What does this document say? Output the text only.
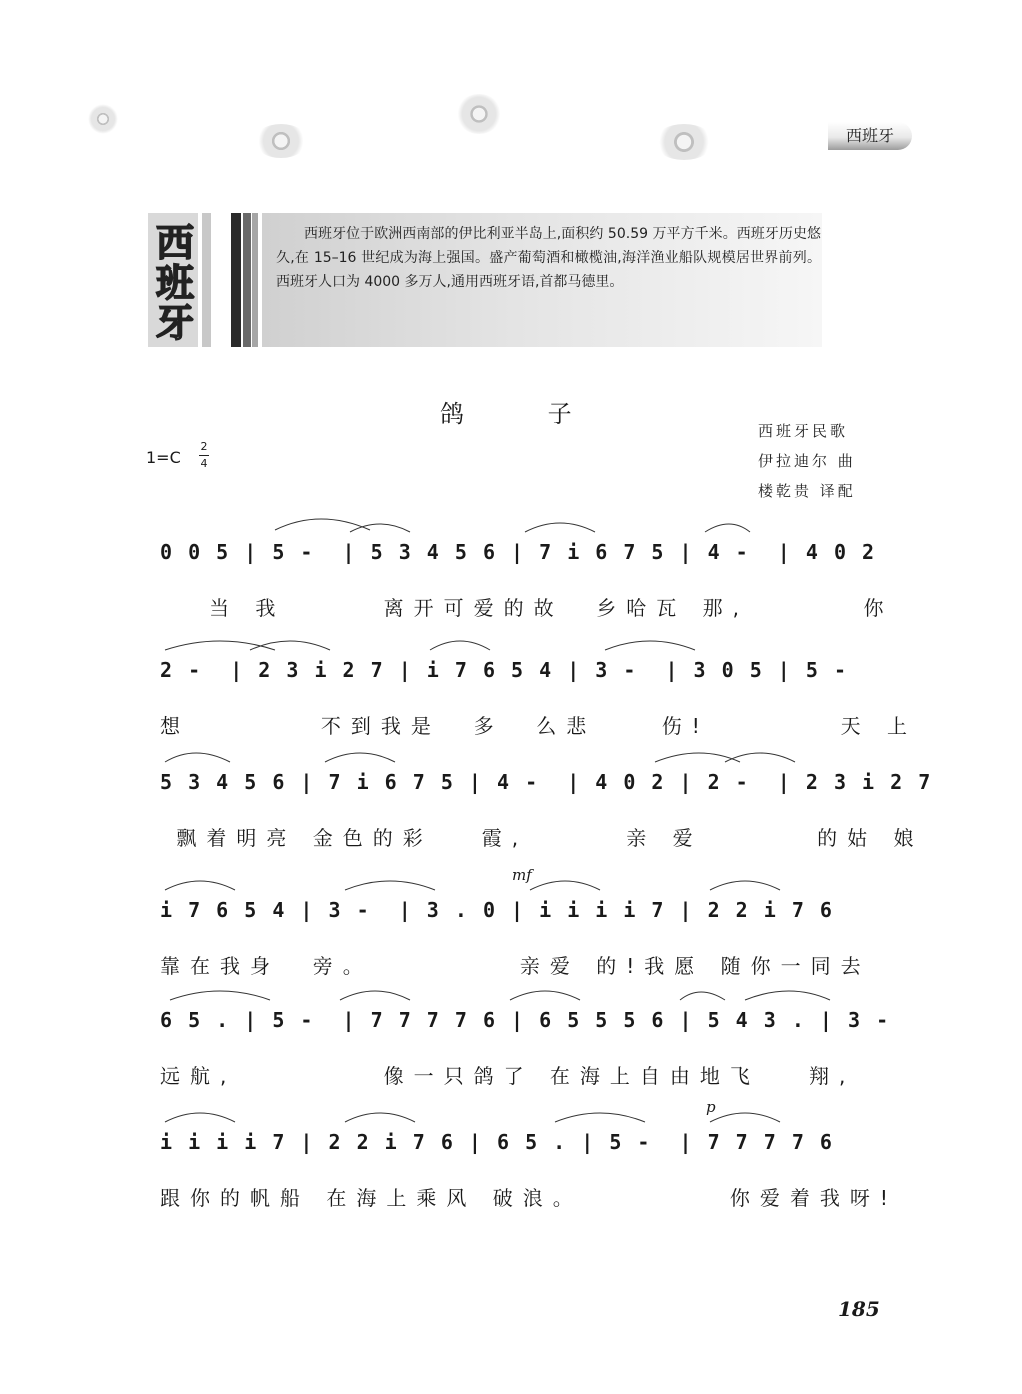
西班牙
西
班
牙
西班牙位于欧洲西南部的伊比利亚半岛上,面积约 50.59 万平方千米。西班牙历史悠久,在 15–16 世纪成为海上强国。盛产葡萄酒和橄榄油,海洋渔业船队规模居世界前列。西班牙人口为 4000 多万人,通用西班牙语,首都马德里。
鸽 子
西班牙民歌
伊拉迪尔 曲
楼乾贵 译配
1=C
2
4
0 0 5 | 5 -  | 5 3 4 5 6 | 7 i 6 7 5 | 4 -  | 4 0 2
当 我      离开可爱的故  乡哈瓦 那,       你
2 -  | 2 3 i 2 7 | i 7 6 5 4 | 3 -  | 3 0 5 | 5 -
想        不到我是  多  么悲    伤!        天 上
5 3 4 5 6 | 7 i 6 7 5 | 4 -  | 4 0 2 | 2 -  | 2 3 i 2 7
飘着明亮 金色的彩   霞,      亲 爱       的姑 娘
mf
i 7 6 5 4 | 3 -  | 3 . 0 | i i i i 7 | 2 2 i 7 6
靠在我身  旁。         亲爱 的!我愿 随你一同去
6 5 . | 5 -  | 7 7 7 7 6 | 6 5 5 5 6 | 5 4 3 . | 3 -
远航,         像一只鸽了 在海上自由地飞   翔,
p
i i i i 7 | 2 2 i 7 6 | 6 5 . | 5 -  | 7 7 7 7 6
跟你的帆船 在海上乘风 破浪。         你爱着我呀!
185
